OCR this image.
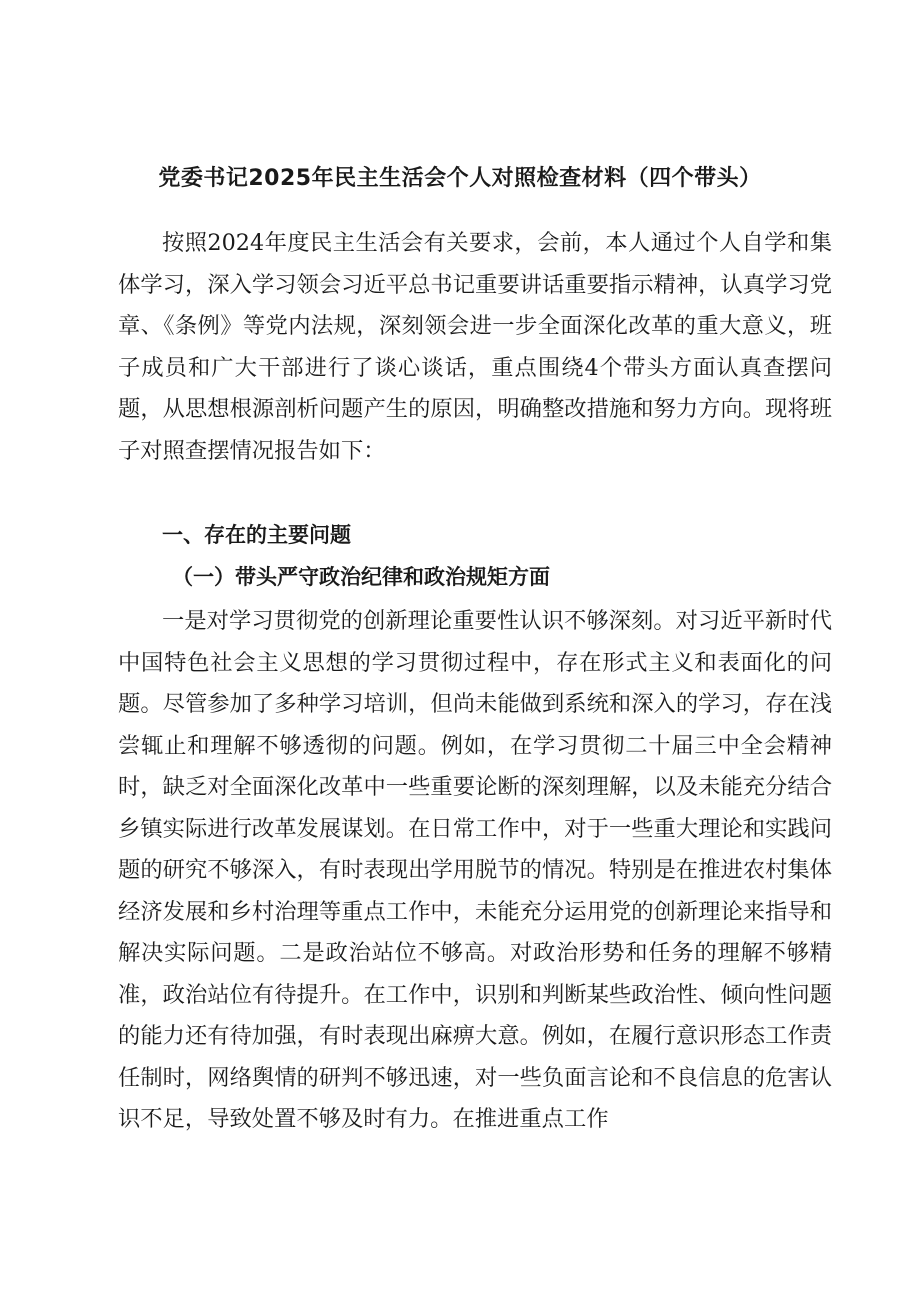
党委书记2025年民主生活会个人对照检查材料（四个带头）

按照2024年度民主生活会有关要求，会前，本人通过个人自学和集体学习，深入学习领会习近平总书记重要讲话重要指示精神，认真学习党章、《条例》等党内法规，深刻领会进一步全面深化改革的重大意义，班子成员和广大干部进行了谈心谈话，重点围绕4个带头方面认真查摆问题，从思想根源剖析问题产生的原因，明确整改措施和努力方向。现将班子对照查摆情况报告如下：

一、存在的主要问题
（一）带头严守政治纪律和政治规矩方面

一是对学习贯彻党的创新理论重要性认识不够深刻。对习近平新时代中国特色社会主义思想的学习贯彻过程中，存在形式主义和表面化的问题。尽管参加了多种学习培训，但尚未能做到系统和深入的学习，存在浅尝辄止和理解不够透彻的问题。例如，在学习贯彻二十届三中全会精神时，缺乏对全面深化改革中一些重要论断的深刻理解，以及未能充分结合乡镇实际进行改革发展谋划。在日常工作中，对于一些重大理论和实践问题的研究不够深入，有时表现出学用脱节的情况。特别是在推进农村集体经济发展和乡村治理等重点工作中，未能充分运用党的创新理论来指导和解决实际问题。二是政治站位不够高。对政治形势和任务的理解不够精准，政治站位有待提升。在工作中，识别和判断某些政治性、倾向性问题的能力还有待加强，有时表现出麻痹大意。例如，在履行意识形态工作责任制时，网络舆情的研判不够迅速，对一些负面言论和不良信息的危害认识不足，导致处置不够及时有力。在推进重点工作
